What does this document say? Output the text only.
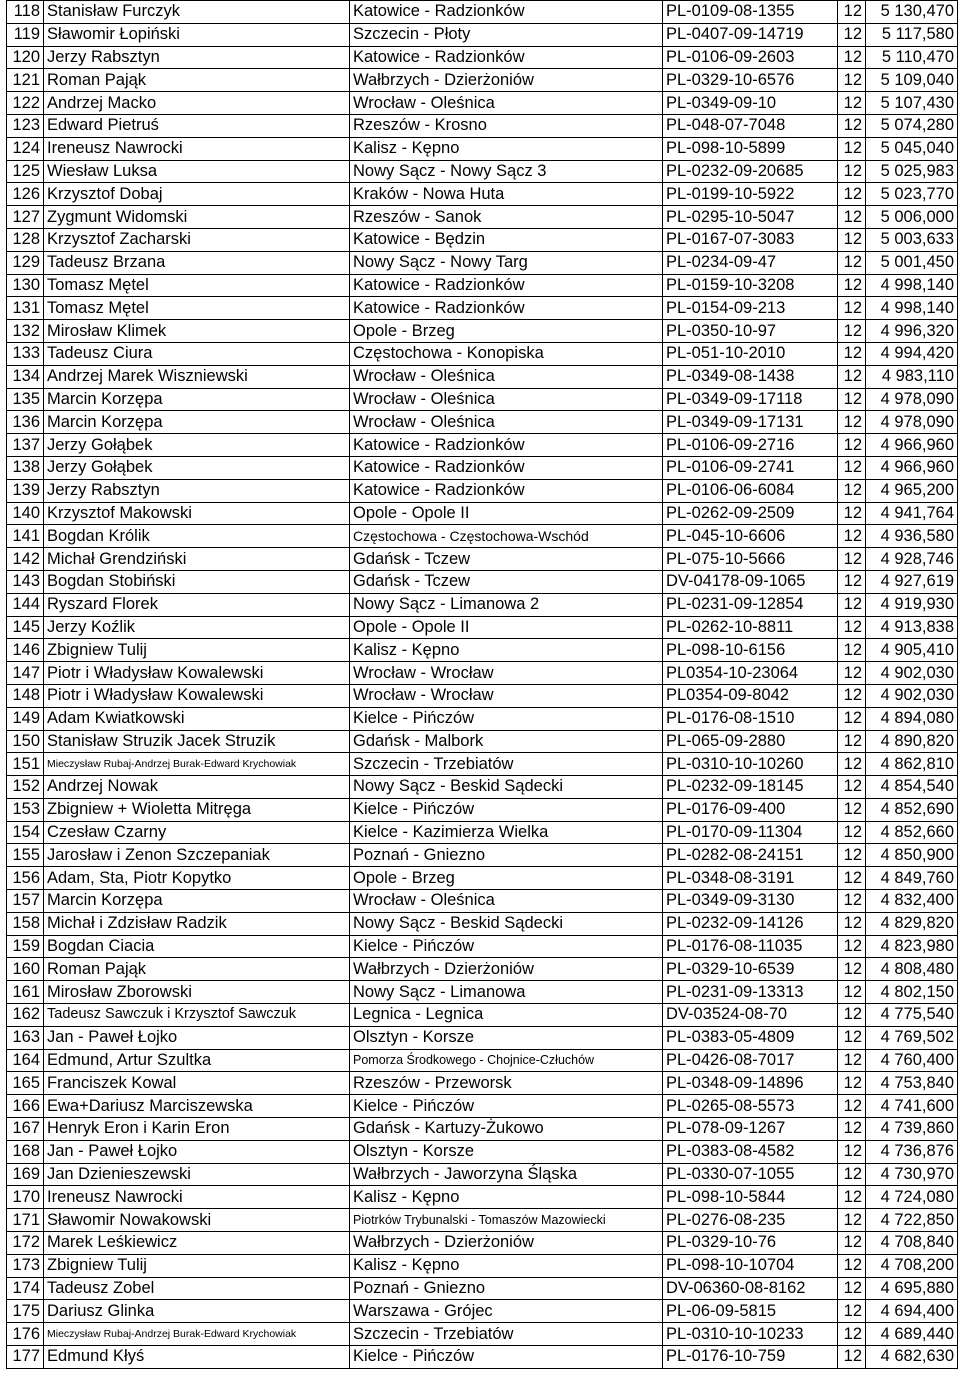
118	Stanisław Furczyk	Katowice - Radzionków	PL-0109-08-1355	12	5 130,470
119	Sławomir Łopiński	Szczecin - Płoty	PL-0407-09-14719	12	5 117,580
120	Jerzy Rabsztyn	Katowice - Radzionków	PL-0106-09-2603	12	5 110,470
121	Roman Pająk	Wałbrzych - Dzierżoniów	PL-0329-10-6576	12	5 109,040
122	Andrzej Macko	Wrocław - Oleśnica	PL-0349-09-10	12	5 107,430
123	Edward Pietruś	Rzeszów - Krosno	PL-048-07-7048	12	5 074,280
124	Ireneusz Nawrocki	Kalisz - Kępno	PL-098-10-5899	12	5 045,040
125	Wiesław Luksa	Nowy Sącz - Nowy Sącz 3	PL-0232-09-20685	12	5 025,983
126	Krzysztof Dobaj	Kraków - Nowa Huta	PL-0199-10-5922	12	5 023,770
127	Zygmunt Widomski	Rzeszów - Sanok	PL-0295-10-5047	12	5 006,000
128	Krzysztof Zacharski	Katowice - Będzin	PL-0167-07-3083	12	5 003,633
129	Tadeusz Brzana	Nowy Sącz - Nowy Targ	PL-0234-09-47	12	5 001,450
130	Tomasz Mętel	Katowice - Radzionków	PL-0159-10-3208	12	4 998,140
131	Tomasz Mętel	Katowice - Radzionków	PL-0154-09-213	12	4 998,140
132	Mirosław Klimek	Opole - Brzeg	PL-0350-10-97	12	4 996,320
133	Tadeusz Ciura	Częstochowa - Konopiska	PL-051-10-2010	12	4 994,420
134	Andrzej Marek Wiszniewski	Wrocław - Oleśnica	PL-0349-08-1438	12	4 983,110
135	Marcin Korzępa	Wrocław - Oleśnica	PL-0349-09-17118	12	4 978,090
136	Marcin Korzępa	Wrocław - Oleśnica	PL-0349-09-17131	12	4 978,090
137	Jerzy Gołąbek	Katowice - Radzionków	PL-0106-09-2716	12	4 966,960
138	Jerzy Gołąbek	Katowice - Radzionków	PL-0106-09-2741	12	4 966,960
139	Jerzy Rabsztyn	Katowice - Radzionków	PL-0106-06-6084	12	4 965,200
140	Krzysztof Makowski	Opole - Opole II	PL-0262-09-2509	12	4 941,764
141	Bogdan Królik	Częstochowa - Częstochowa-Wschód	PL-045-10-6606	12	4 936,580
142	Michał Grendziński	Gdańsk - Tczew	PL-075-10-5666	12	4 928,746
143	Bogdan Stobiński	Gdańsk - Tczew	DV-04178-09-1065	12	4 927,619
144	Ryszard Florek	Nowy Sącz - Limanowa 2	PL-0231-09-12854	12	4 919,930
145	Jerzy Koźlik	Opole - Opole II	PL-0262-10-8811	12	4 913,838
146	Zbigniew Tulij	Kalisz - Kępno	PL-098-10-6156	12	4 905,410
147	Piotr i Władysław Kowalewski	Wrocław - Wrocław	PL0354-10-23064	12	4 902,030
148	Piotr i Władysław Kowalewski	Wrocław - Wrocław	PL0354-09-8042	12	4 902,030
149	Adam Kwiatkowski	Kielce - Pińczów	PL-0176-08-1510	12	4 894,080
150	Stanisław Struzik Jacek Struzik	Gdańsk - Malbork	PL-065-09-2880	12	4 890,820
151	Mieczysław Rubaj-Andrzej Burak-Edward Krychowiak	Szczecin - Trzebiatów	PL-0310-10-10260	12	4 862,810
152	Andrzej Nowak	Nowy Sącz - Beskid Sądecki	PL-0232-09-18145	12	4 854,540
153	Zbigniew + Wioletta Mitręga	Kielce - Pińczów	PL-0176-09-400	12	4 852,690
154	Czesław Czarny	Kielce - Kazimierza Wielka	PL-0170-09-11304	12	4 852,660
155	Jarosław i Zenon Szczepaniak	Poznań - Gniezno	PL-0282-08-24151	12	4 850,900
156	Adam, Sta, Piotr Kopytko	Opole - Brzeg	PL-0348-08-3191	12	4 849,760
157	Marcin Korzępa	Wrocław - Oleśnica	PL-0349-09-3130	12	4 832,400
158	Michał i Zdzisław Radzik	Nowy Sącz - Beskid Sądecki	PL-0232-09-14126	12	4 829,820
159	Bogdan Ciacia	Kielce - Pińczów	PL-0176-08-11035	12	4 823,980
160	Roman Pająk	Wałbrzych - Dzierżoniów	PL-0329-10-6539	12	4 808,480
161	Mirosław Zborowski	Nowy Sącz - Limanowa	PL-0231-09-13313	12	4 802,150
162	Tadeusz Sawczuk i Krzysztof Sawczuk	Legnica - Legnica	DV-03524-08-70	12	4 775,540
163	Jan - Paweł Łojko	Olsztyn - Korsze	PL-0383-05-4809	12	4 769,502
164	Edmund, Artur Szultka	Pomorza Środkowego - Chojnice-Człuchów	PL-0426-08-7017	12	4 760,400
165	Franciszek Kowal	Rzeszów - Przeworsk	PL-0348-09-14896	12	4 753,840
166	Ewa+Dariusz Marciszewska	Kielce - Pińczów	PL-0265-08-5573	12	4 741,600
167	Henryk Eron i Karin Eron	Gdańsk - Kartuzy-Żukowo	PL-078-09-1267	12	4 739,860
168	Jan - Paweł Łojko	Olsztyn - Korsze	PL-0383-08-4582	12	4 736,876
169	Jan Dzienieszewski	Wałbrzych - Jaworzyna Śląska	PL-0330-07-1055	12	4 730,970
170	Ireneusz Nawrocki	Kalisz - Kępno	PL-098-10-5844	12	4 724,080
171	Sławomir Nowakowski	Piotrków Trybunalski - Tomaszów Mazowiecki	PL-0276-08-235	12	4 722,850
172	Marek Leśkiewicz	Wałbrzych - Dzierżoniów	PL-0329-10-76	12	4 708,840
173	Zbigniew Tulij	Kalisz - Kępno	PL-098-10-10704	12	4 708,200
174	Tadeusz Zobel	Poznań - Gniezno	DV-06360-08-8162	12	4 695,880
175	Dariusz Glinka	Warszawa - Grójec	PL-06-09-5815	12	4 694,400
176	Mieczysław Rubaj-Andrzej Burak-Edward Krychowiak	Szczecin - Trzebiatów	PL-0310-10-10233	12	4 689,440
177	Edmund Kłyś	Kielce - Pińczów	PL-0176-10-759	12	4 682,630
